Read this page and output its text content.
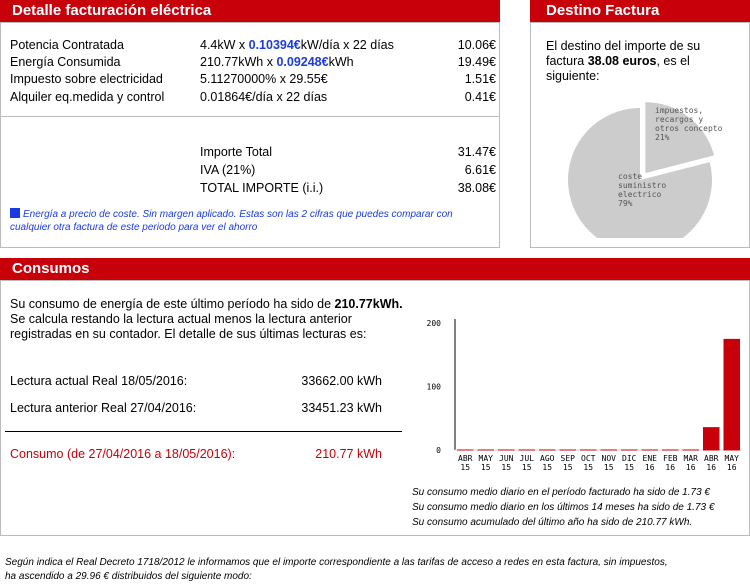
Detalle facturación eléctrica
Potencia Contratada	4.4kW x 0.10394€kW/día x 22 días	10.06€
Energía Consumida	210.77kWh x 0.09248€kWh	19.49€
Impuesto sobre electricidad	5.11270000% x 29.55€	1.51€
Alquiler eq.medida y control	0.01864€/día x 22 días	0.41€
Importe Total	31.47€
IVA (21%)	6.61€
TOTAL IMPORTE (i.i.)	38.08€
Energía a precio de coste. Sin margen aplicado. Estas son las 2 cifras que puedes comparar con cualquier otra factura de este periodo para ver el ahorro
Destino Factura
El destino del importe de su factura 38.08 euros, es el siguiente:
impuestos, recargos y otros concepto 21%
coste suministro electrico 79%
Consumos
Su consumo de energía de este último período ha sido de 210.77kWh.
Se calcula restando la lectura actual menos la lectura anterior
registradas en su contador. El detalle de sus últimas lecturas es:
Lectura actual Real 18/05/2016:	33662.00 kWh
Lectura anterior Real 27/04/2016:	33451.23 kWh
Consumo (de 27/04/2016 a 18/05/2016):	210.77 kWh	0
100
200
ABR
15
MAY
15
JUN
15
JUL
15
AGO
15
SEP
15
OCT
15
NOV
15
DIC
15
ENE
16
FEB
16
MAR
16
ABR
16
MAY
16
Su consumo medio diario en el período facturado ha sido de 1.73 €
Su consumo medio diario en los últimos 14 meses ha sido de 1.73 €
Su consumo acumulado del último año ha sido de 210.77 kWh.
Según indica el Real Decreto 1718/2012 le informamos que el importe correspondiente a las tarifas de acceso a redes en esta factura, sin impuestos,
ha ascendido a 29.96 € distribuidos del siguiente modo:
